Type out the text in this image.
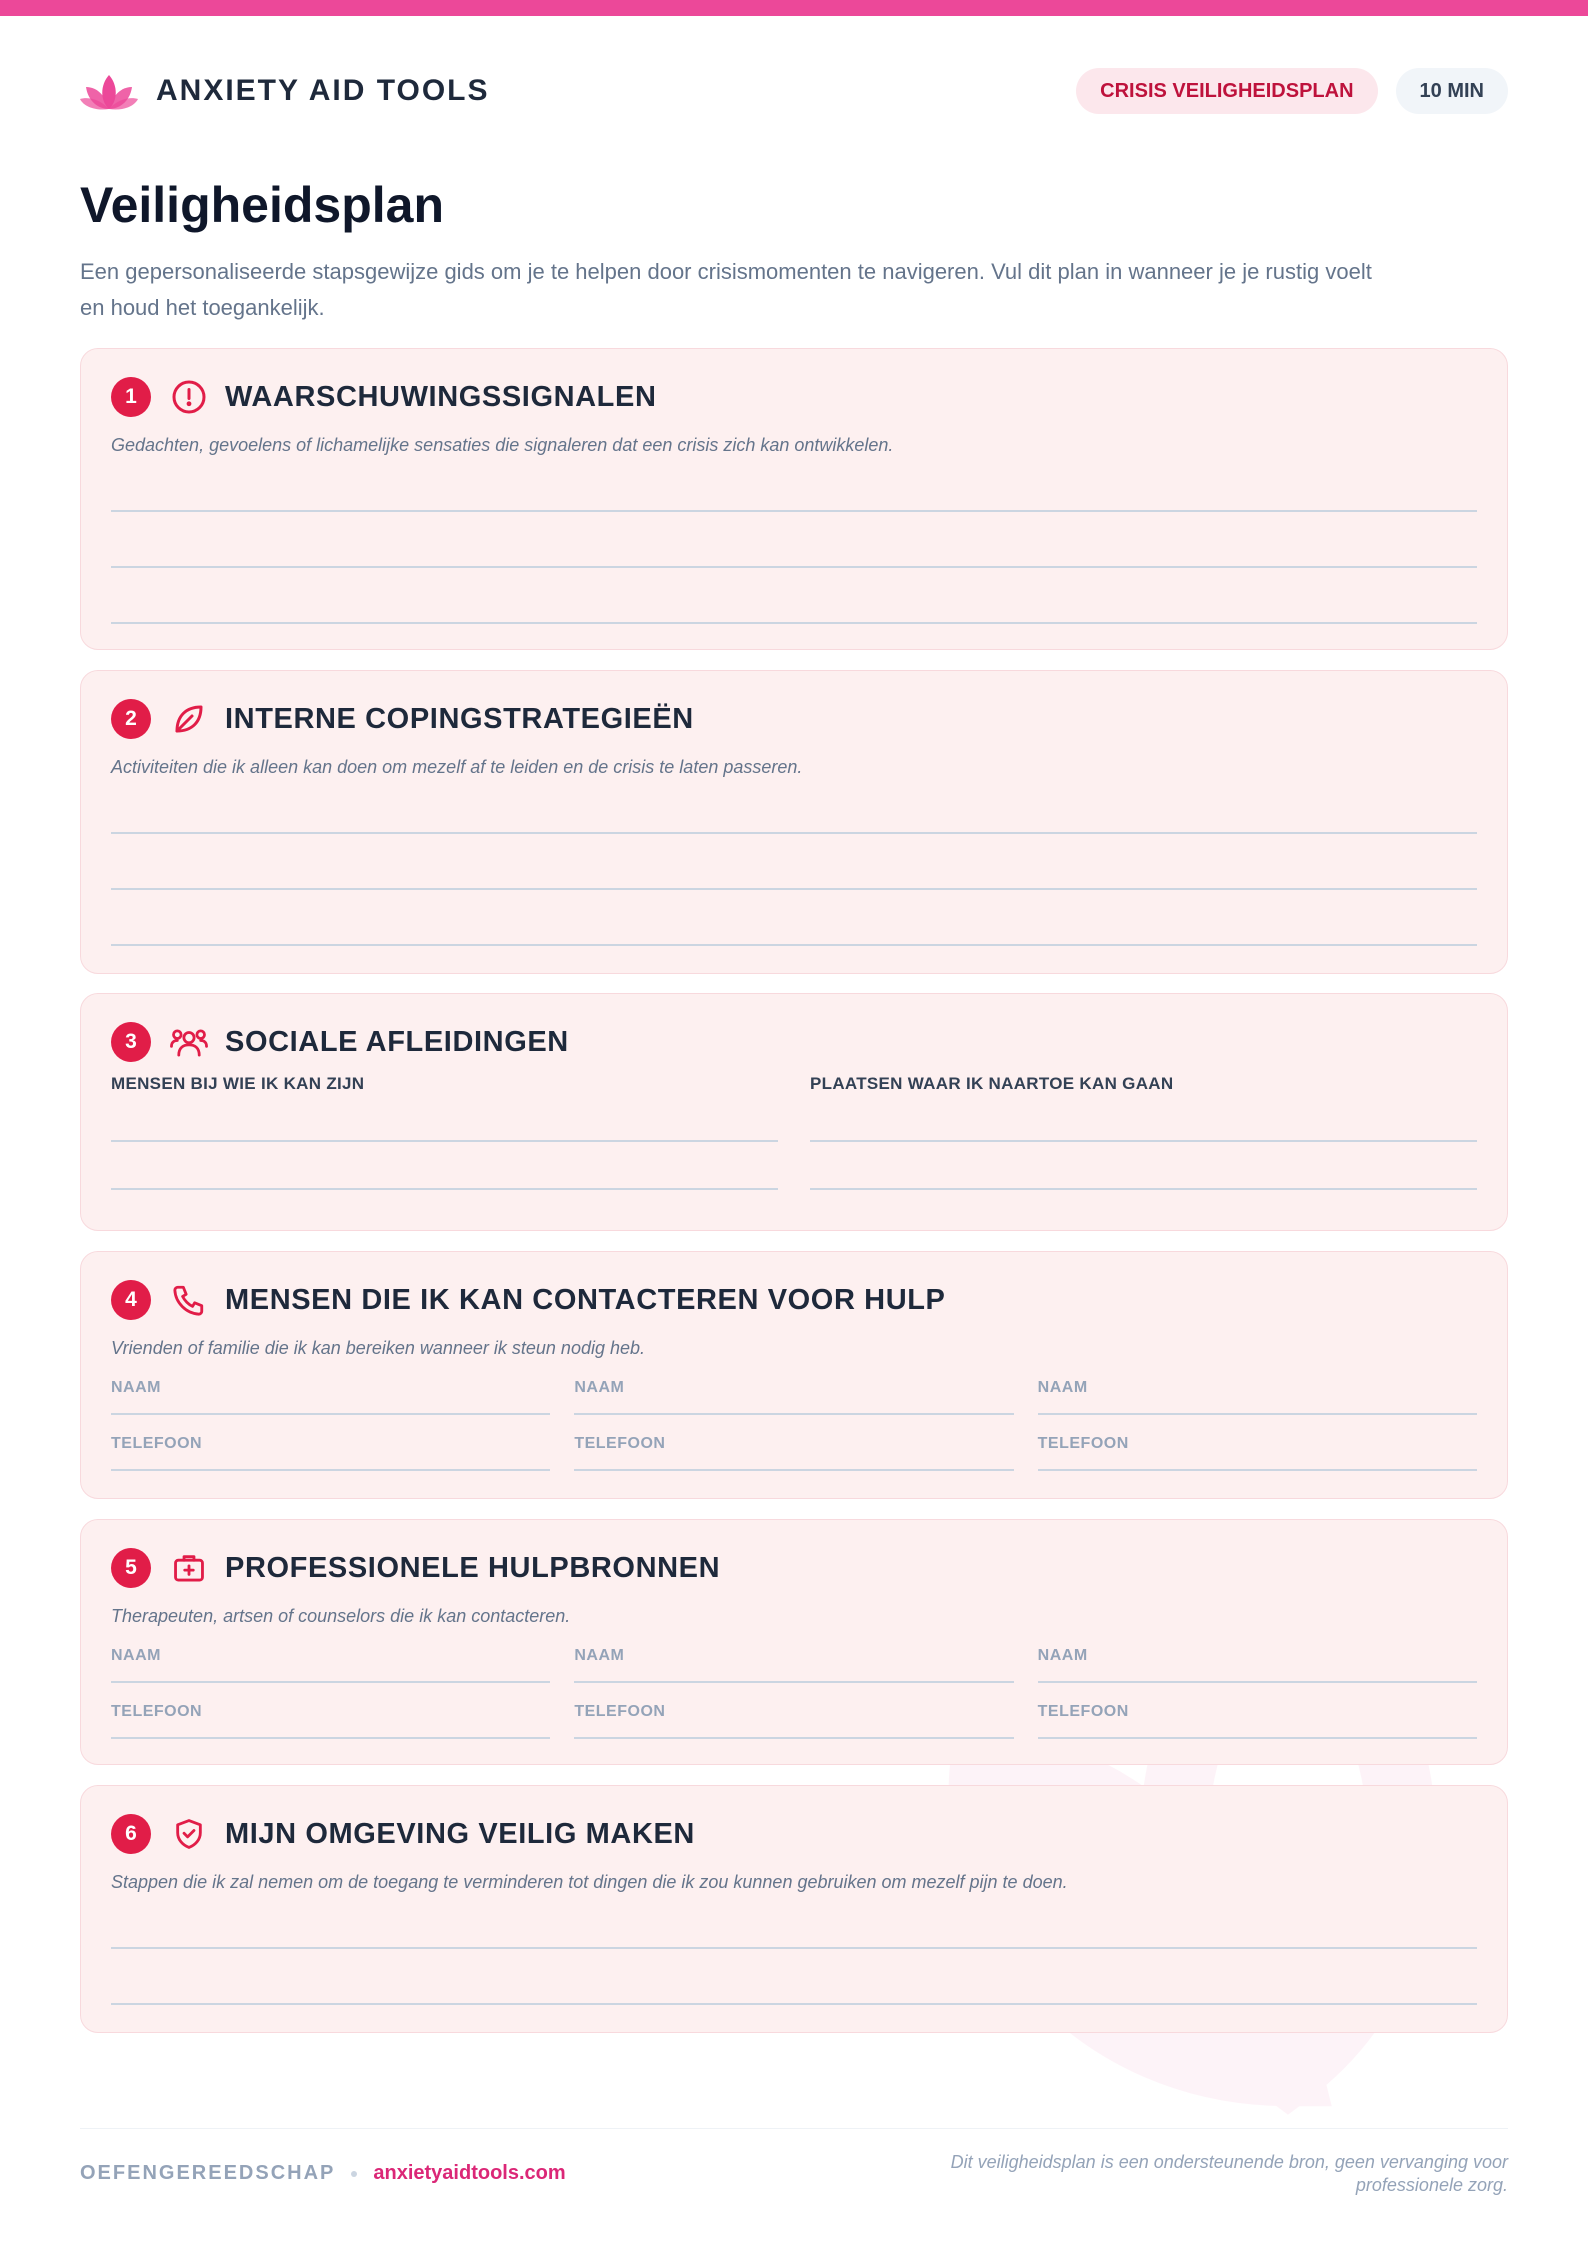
ANXIETY AID TOOLS	CRISIS VEILIGHEIDSPLAN	10 MIN
Veiligheidsplan

Een gepersonaliseerde stapsgewijze gids om je te helpen door crisismomenten te navigeren. Vul dit plan in wanneer je je rustig voelt en houd het toegankelijk.

1	WAARSCHUWINGSSIGNALEN

Gedachten, gevoelens of lichamelijke sensaties die signaleren dat een crisis zich kan ontwikkelen.

2	INTERNE COPINGSTRATEGIEËN

Activiteiten die ik alleen kan doen om mezelf af te leiden en de crisis te laten passeren.

3	SOCIALE AFLEIDINGEN
MENSEN BIJ WIE IK KAN ZIJN	PLAATSEN WAAR IK NAARTOE KAN GAAN
4	MENSEN DIE IK KAN CONTACTEREN VOOR HULP

Vrienden of familie die ik kan bereiken wanneer ik steun nodig heb.

NAAM
TELEFOON
NAAM
TELEFOON
NAAM
TELEFOON
5	PROFESSIONELE HULPBRONNEN

Therapeuten, artsen of counselors die ik kan contacteren.

NAAM
TELEFOON
NAAM
TELEFOON
NAAM
TELEFOON
6	MIJN OMGEVING VEILIG MAKEN

Stappen die ik zal nemen om de toegang te verminderen tot dingen die ik zou kunnen gebruiken om mezelf pijn te doen.

OEFENGEREEDSCHAP anxietyaidtools.com

Dit veiligheidsplan is een ondersteunende bron, geen vervanging voor professionele zorg.
